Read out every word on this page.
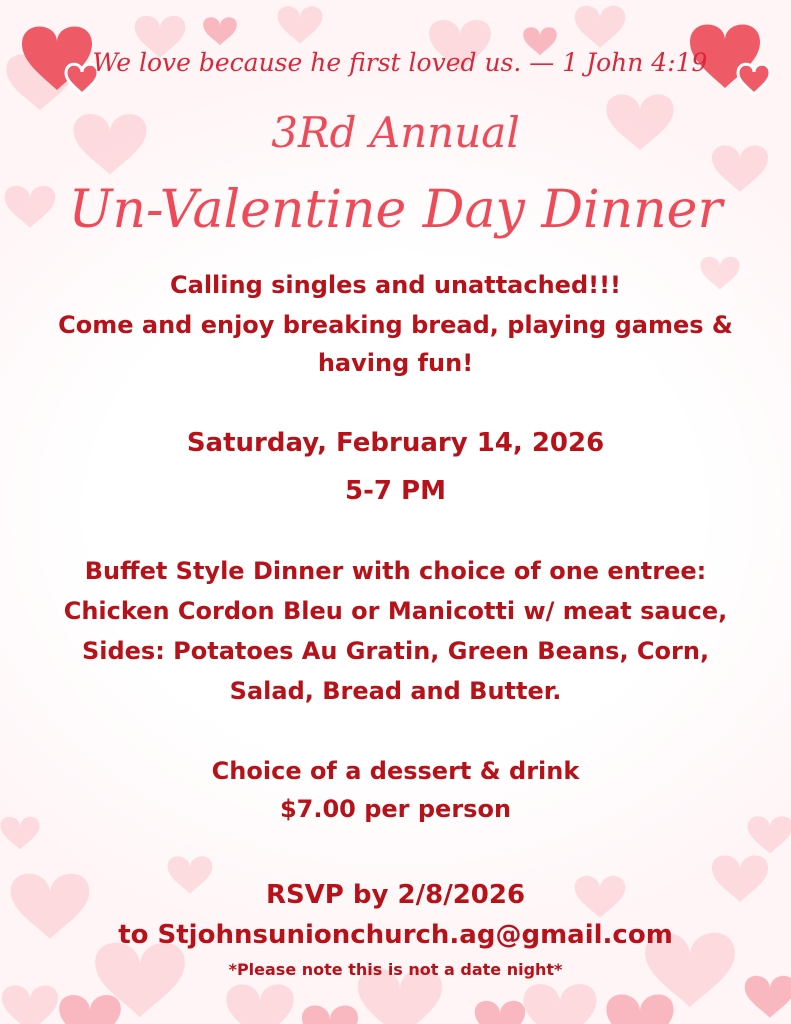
We love because he first loved us. — 1 John 4:19

3Rd Annual

Un-Valentine Day Dinner

Calling singles and unattached!!!

Come and enjoy breaking bread, playing games &

having fun!

Saturday, February 14, 2026

5-7 PM

Buffet Style Dinner with choice of one entree:

Chicken Cordon Bleu or Manicotti w/ meat sauce,

Sides: Potatoes Au Gratin, Green Beans, Corn,

Salad, Bread and Butter.

Choice of a dessert & drink

$7.00 per person

RSVP by 2/8/2026

to Stjohnsunionchurch.ag@gmail.com

*Please note this is not a date night*
